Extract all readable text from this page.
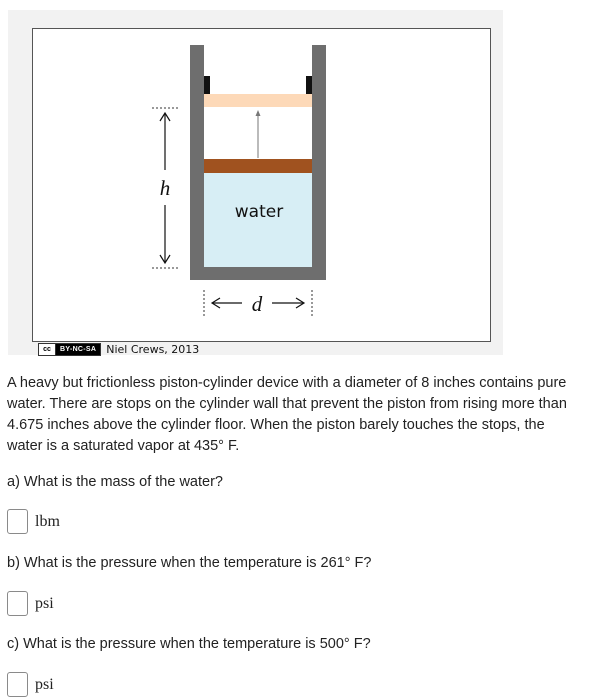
water
h
d
cc	BY-NC-SA Niel Crews, 2013
A heavy but frictionless piston-cylinder device with a diameter of 8 inches contains pure water. There are stops on the cylinder wall that prevent the piston from rising more than 4.675 inches above the cylinder floor. When the piston barely touches the stops, the water is a saturated vapor at 435° F.
a) What is the mass of the water?
lbm
b) What is the pressure when the temperature is 261° F?
psi
c) What is the pressure when the temperature is 500° F?
psi
